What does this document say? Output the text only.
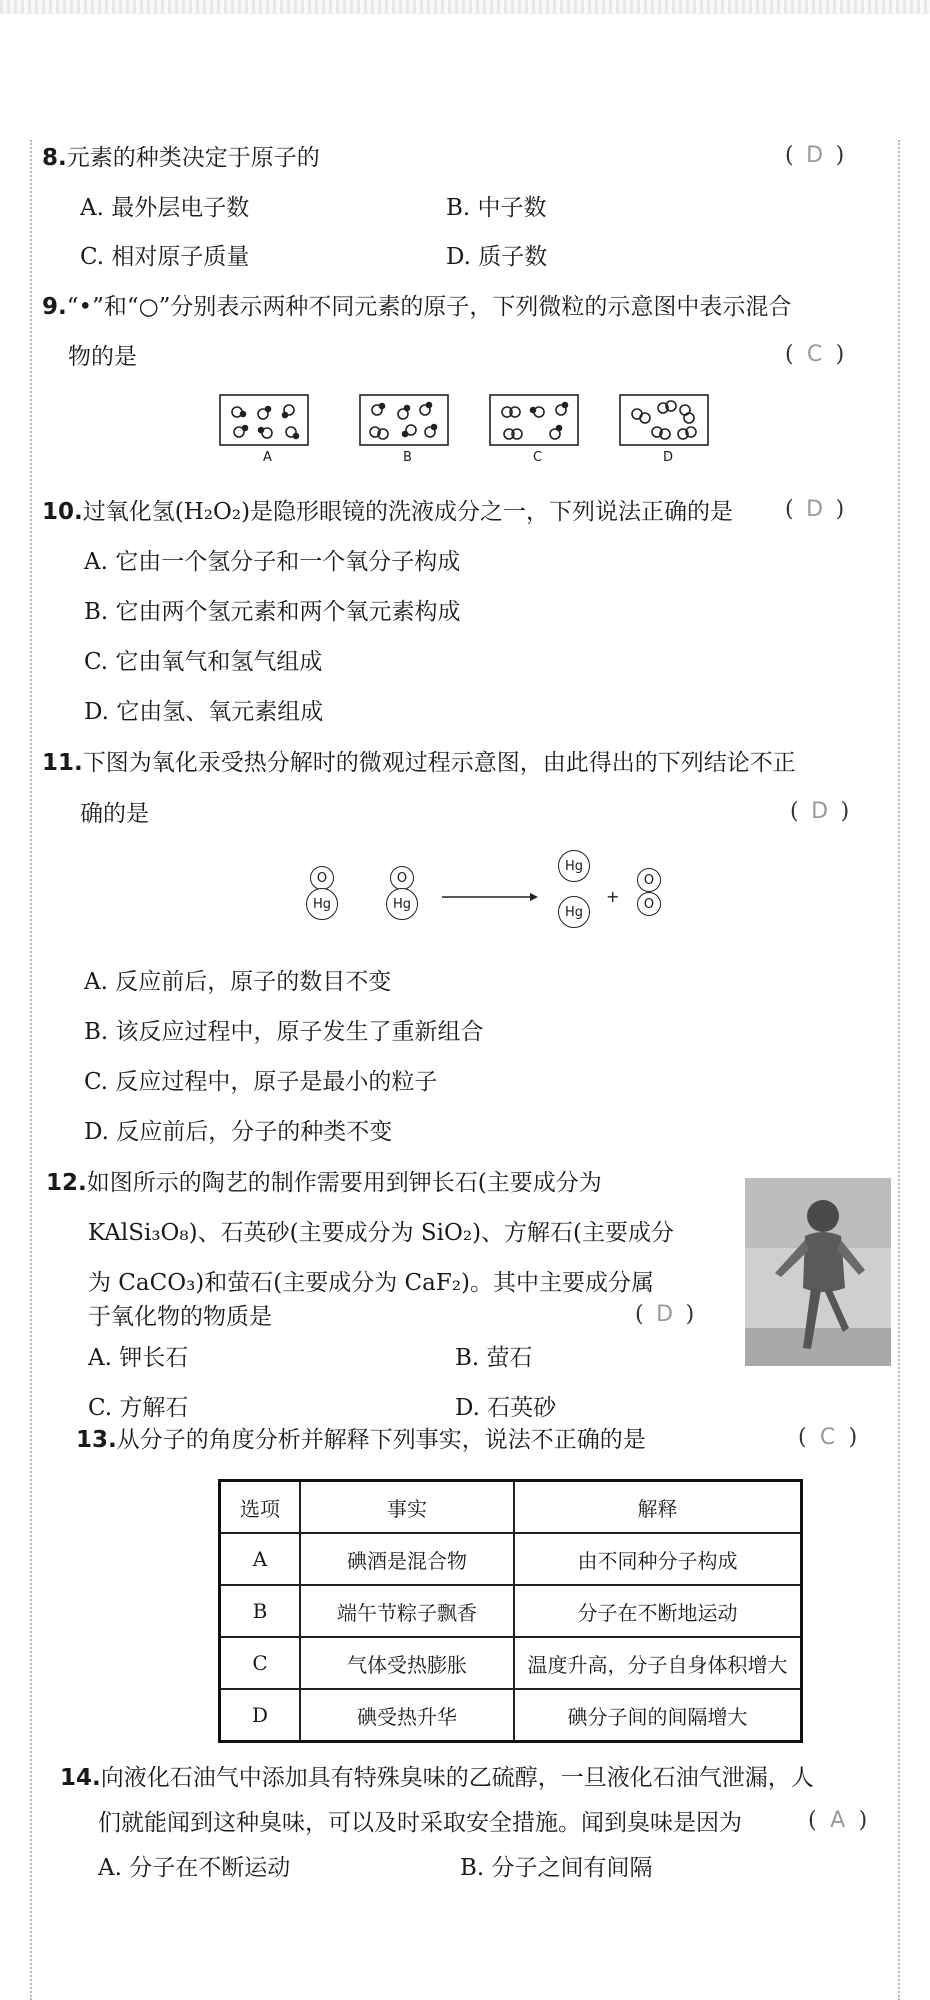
8.元素的种类决定于原子的	( D )
A. 最外层电子数	B. 中子数
C. 相对原子质量	D. 质子数
9.“•”和“○”分别表示两种不同元素的原子，下列微粒的示意图中表示混合
物的是	( C )
A	B	C	D
10.过氧化氢(H₂O₂)是隐形眼镜的洗液成分之一，下列说法正确的是 ( D )
A. 它由一个氢分子和一个氧分子构成
B. 它由两个氢元素和两个氧元素构成
C. 它由氧气和氢气组成
D. 它由氢、氧元素组成
11.下图为氧化汞受热分解时的微观过程示意图，由此得出的下列结论不正
确的是	( D )
O
Hg
O
Hg
Hg
Hg
+
O
O
A. 反应前后，原子的数目不变
B. 该反应过程中，原子发生了重新组合
C. 反应过程中，原子是最小的粒子
D. 反应前后，分子的种类不变
12.如图所示的陶艺的制作需要用到钾长石(主要成分为
KAlSi₃O₈)、石英砂(主要成分为 SiO₂)、方解石(主要成分
为 CaCO₃)和萤石(主要成分为 CaF₂)。其中主要成分属
于氧化物的物质是	( D )
A. 钾长石	B. 萤石
C. 方解石	D. 石英砂
13.从分子的角度分析并解释下列事实，说法不正确的是	( C )
选项	事实	解释
A	碘酒是混合物	由不同种分子构成
B	端午节粽子飘香	分子在不断地运动
C	气体受热膨胀	温度升高，分子自身体积增大
D	碘受热升华	碘分子间的间隔增大
14.向液化石油气中添加具有特殊臭味的乙硫醇，一旦液化石油气泄漏，人
们就能闻到这种臭味，可以及时采取安全措施。闻到臭味是因为	( A )
A. 分子在不断运动	B. 分子之间有间隔
